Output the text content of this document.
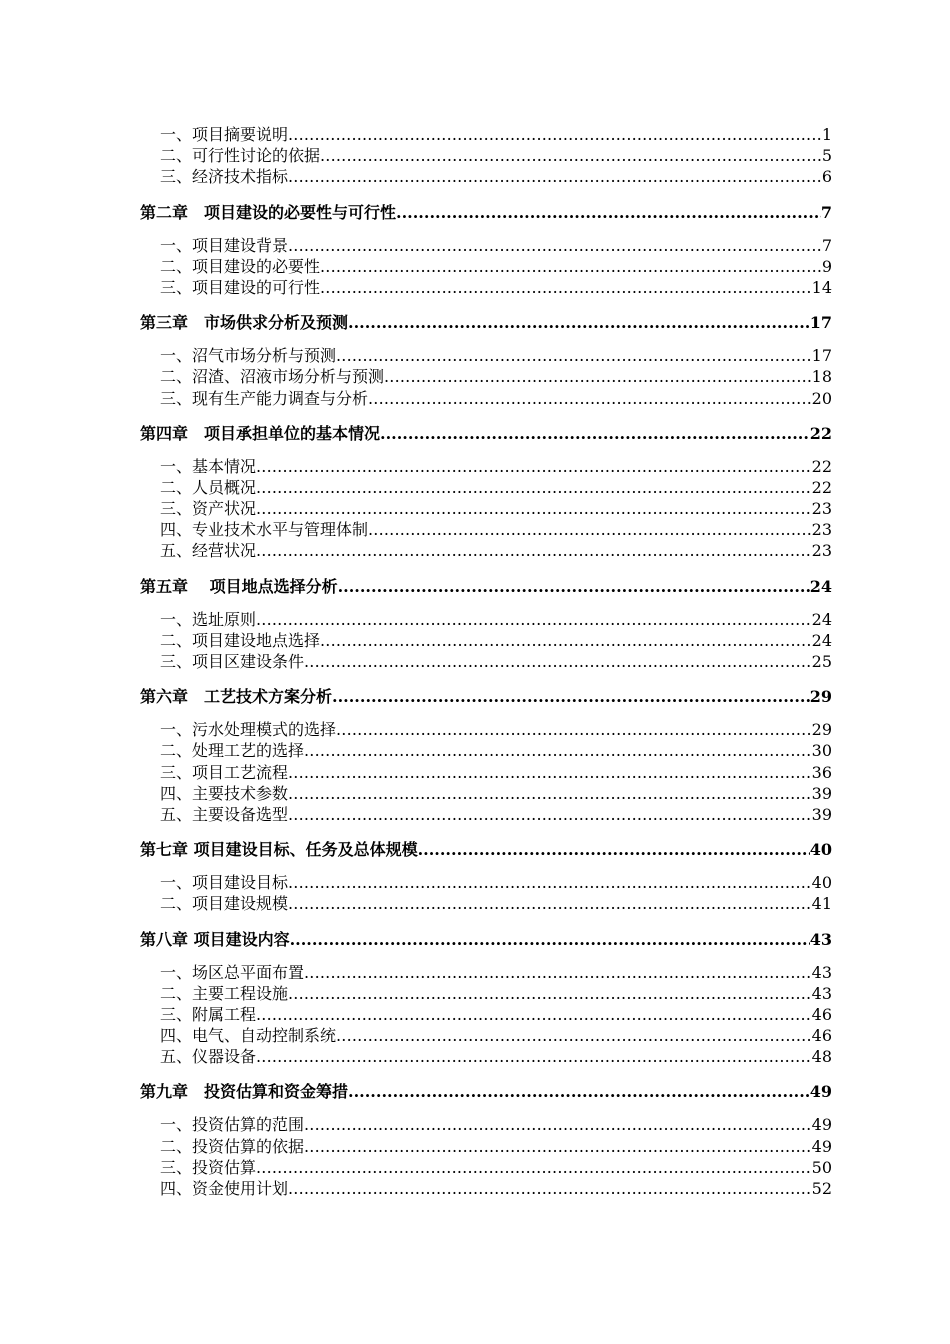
一、项目摘要说明 .....	1
二、可行性讨论的依据 .....	5
三、经济技术指标 .....	6
第二章　项目建设的必要性与可行性 .....	7
一、项目建设背景 .....	7
二、项目建设的必要性 .....	9
三、项目建设的可行性 .....	14
第三章　市场供求分析及预测 .....	17
一、沼气市场分析与预测 .....	17
二、沼渣、沼液市场分析与预测 .....	18
三、现有生产能力调查与分析 .....	20
第四章　项目承担单位的基本情况 .....	22
一、基本情况 .....	22
二、人员概况 .....	22
三、资产状况 .....	23
四、专业技术水平与管理体制 .....	23
五、经营状况 .....	23
第五章　 项目地点选择分析 .....	24
一、选址原则 .....	24
二、项目建设地点选择 .....	24
三、项目区建设条件 .....	25
第六章　工艺技术方案分析 .....	29
一、污水处理模式的选择 .....	29
二、处理工艺的选择 .....	30
三、项目工艺流程 .....	36
四、主要技术参数 .....	39
五、主要设备选型 .....	39
第七章 项目建设目标、任务及总体规模 .....	40
一、项目建设目标 .....	40
二、项目建设规模 .....	41
第八章 项目建设内容 .....	43
一、场区总平面布置 .....	43
二、主要工程设施 .....	43
三、附属工程 .....	46
四、电气、自动控制系统 .....	46
五、仪器设备 .....	48
第九章　投资估算和资金筹措 .....	49
一、投资估算的范围 .....	49
二、投资估算的依据 .....	49
三、投资估算 .....	50
四、资金使用计划 .....	52
